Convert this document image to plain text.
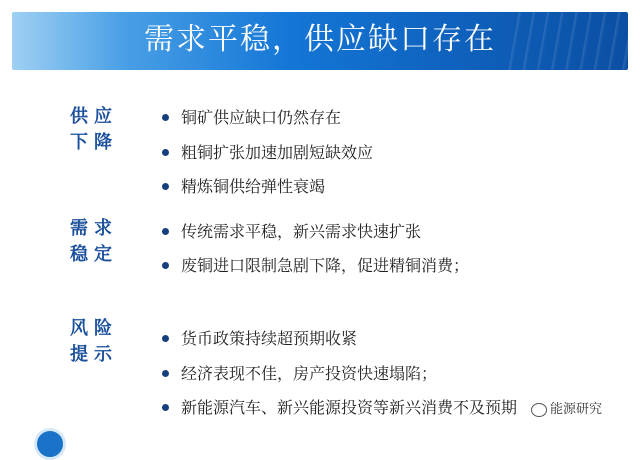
需求平稳，供应缺口存在
供应
下降
铜矿供应缺口仍然存在
粗铜扩张加速加剧短缺效应
精炼铜供给弹性衰竭
需求
稳定
传统需求平稳，新兴需求快速扩张
废铜进口限制急剧下降，促进精铜消费；
风险
提示
货币政策持续超预期收紧
经济表现不佳，房产投资快速塌陷；
新能源汽车、新兴能源投资等新兴消费不及预期	能源研究
